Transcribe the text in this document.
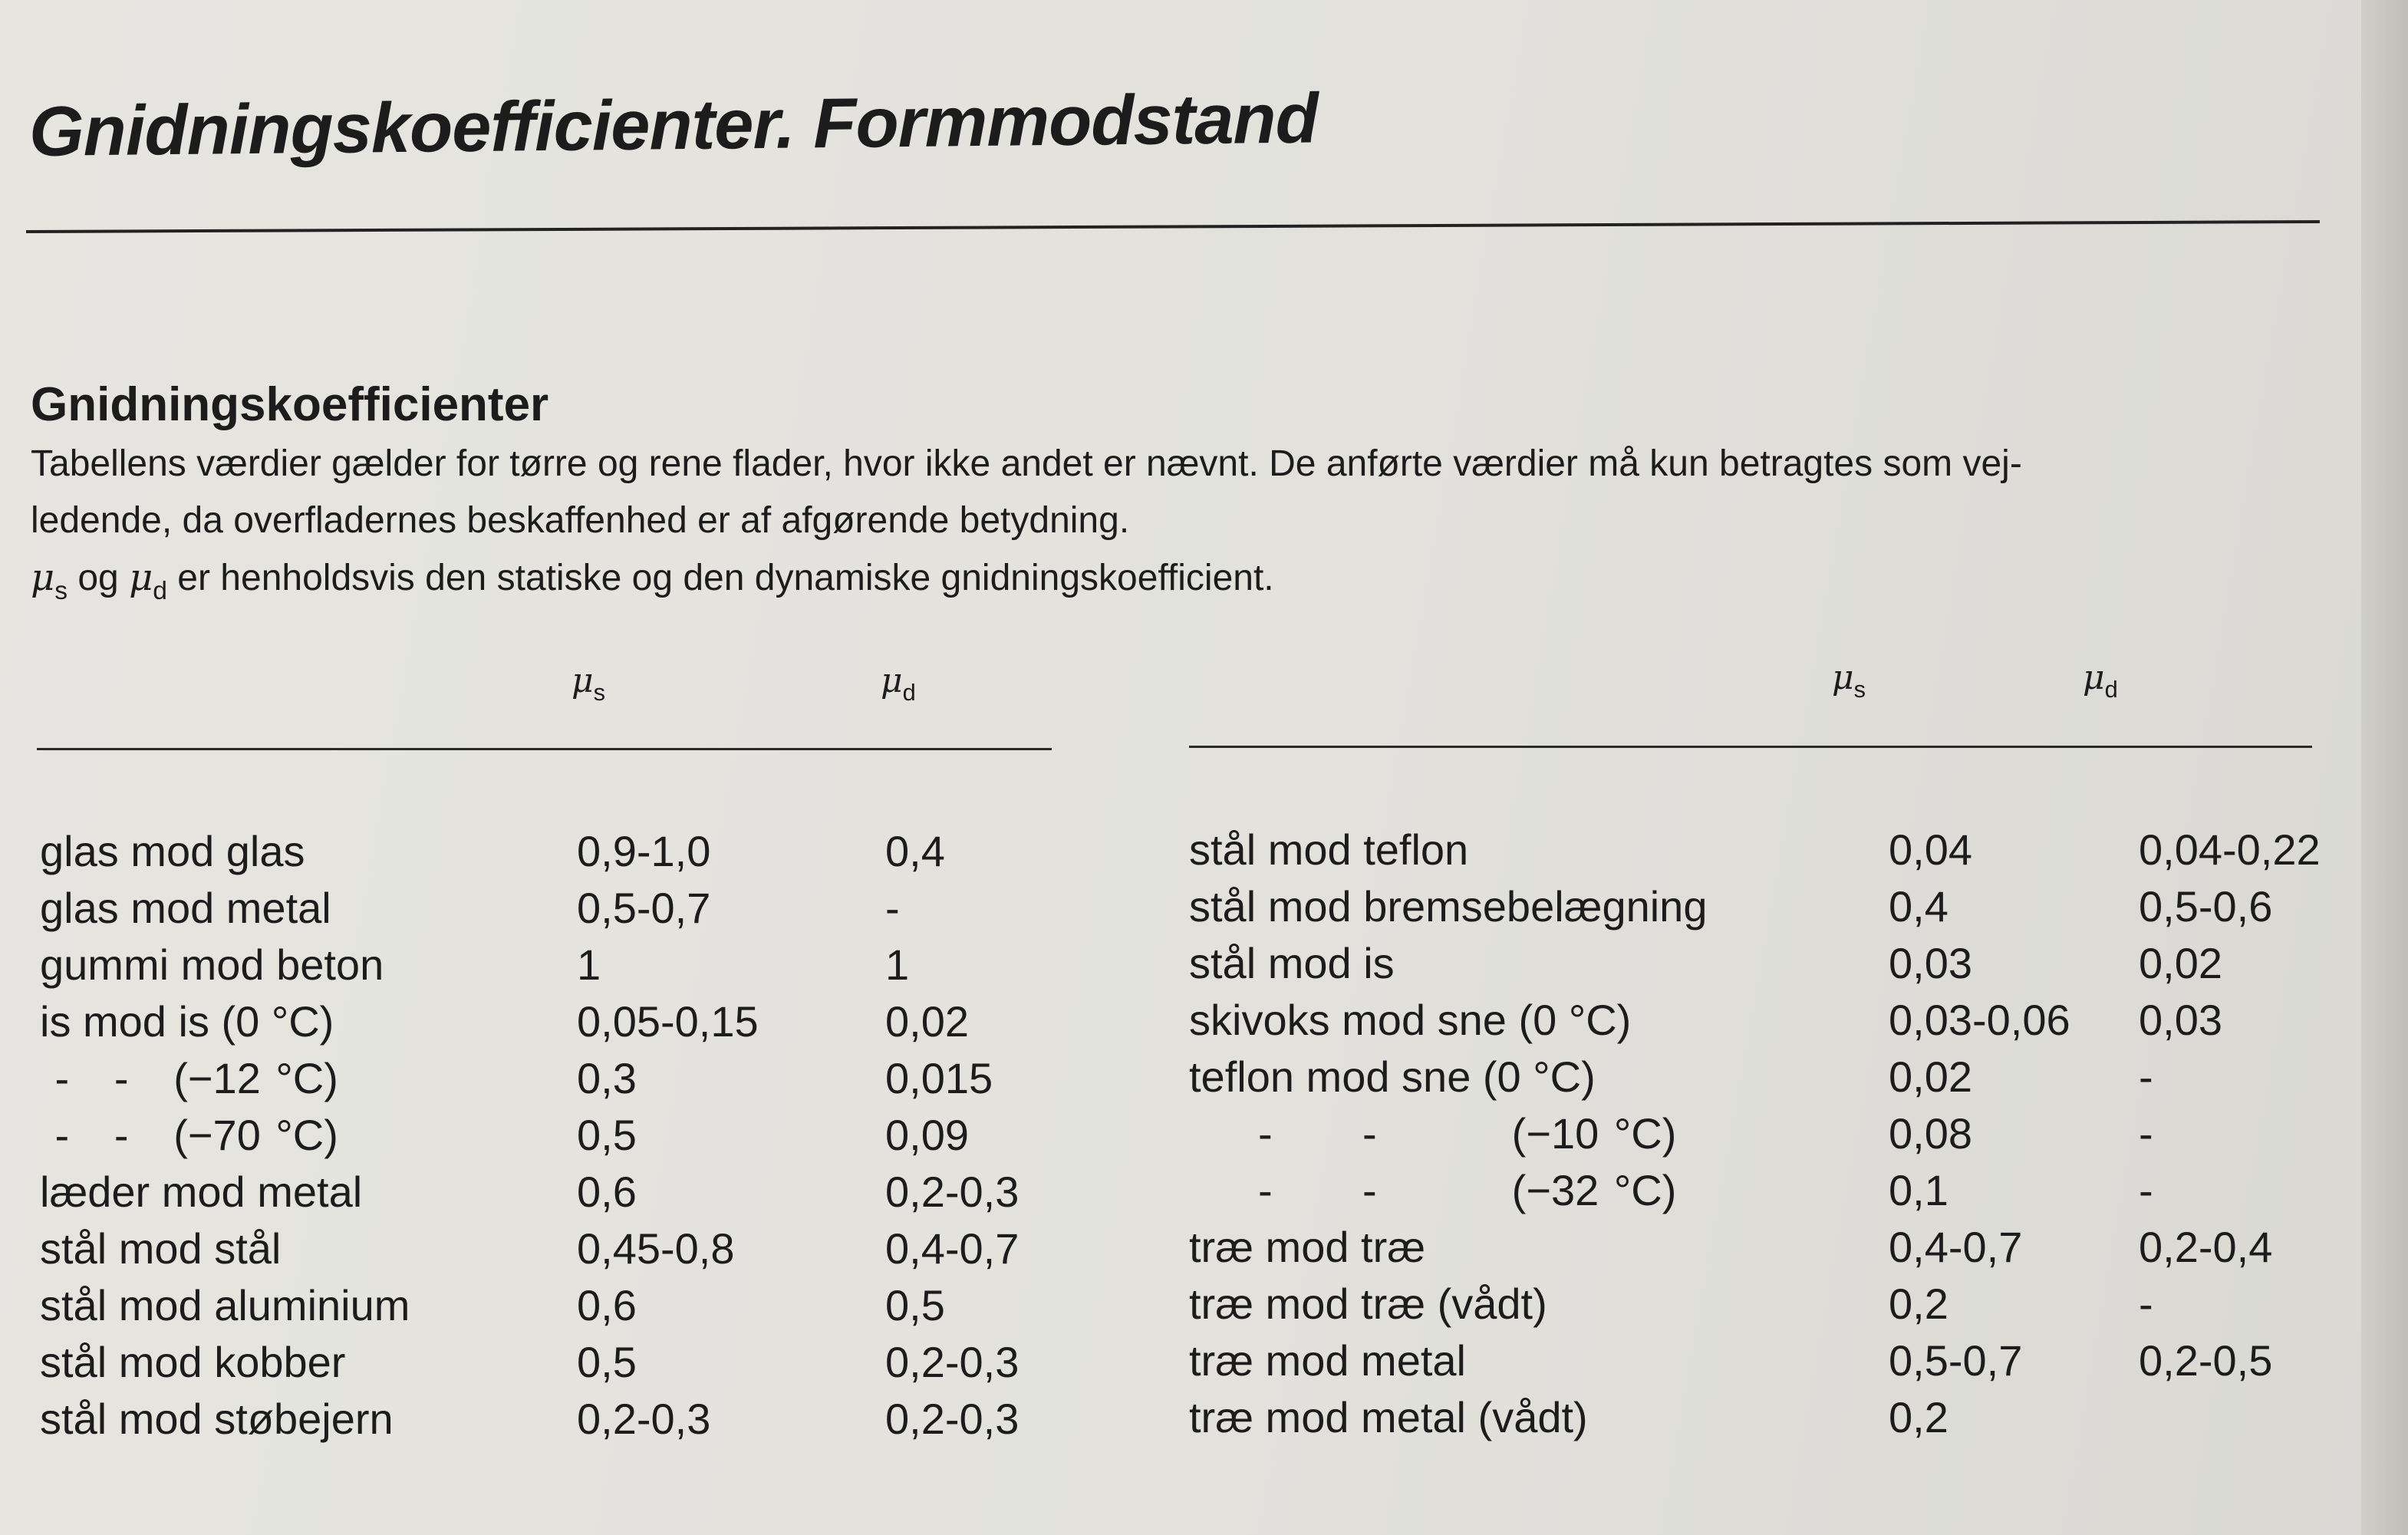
Gnidningskoefficienter. Formmodstand
Gnidningskoefficienter

Tabellens værdier gælder for tørre og rene flader, hvor ikke andet er nævnt. De anførte værdier må kun betragtes som vej-

ledende, da overfladernes beskaffenhed er af afgørende betydning.

$\mu_s$ og $\mu_d$ er henholdsvis den statiske og den dynamiske gnidningskoefficient.

$\mu_s$	$\mu_d$	$\mu_s$	$\mu_d$
glas mod glas	0,9-1,0	0,4
glas mod metal	0,5-0,7	-
gummi mod beton	1	1
is mod is (0 °C)	0,05-0,15	0,02
-   -   (−12 °C)	0,3	0,015
-   -   (−70 °C)	0,5	0,09
læder mod metal	0,6	0,2-0,3
stål mod stål	0,45-0,8	0,4-0,7
stål mod aluminium	0,6	0,5
stål mod kobber	0,5	0,2-0,3
stål mod støbejern	0,2-0,3	0,2-0,3
stål mod teflon	0,04	0,04-0,22
stål mod bremsebelægning	0,4	0,5-0,6
stål mod is	0,03	0,02
skivoks mod sne (0 °C)	0,03-0,06	0,03
teflon mod sne (0 °C)	0,02	-
-      -         (−10 °C)	0,08	-
-      -         (−32 °C)	0,1	-
træ mod træ	0,4-0,7	0,2-0,4
træ mod træ (vådt)	0,2	-
træ mod metal	0,5-0,7	0,2-0,5
træ mod metal (vådt)	0,2	
